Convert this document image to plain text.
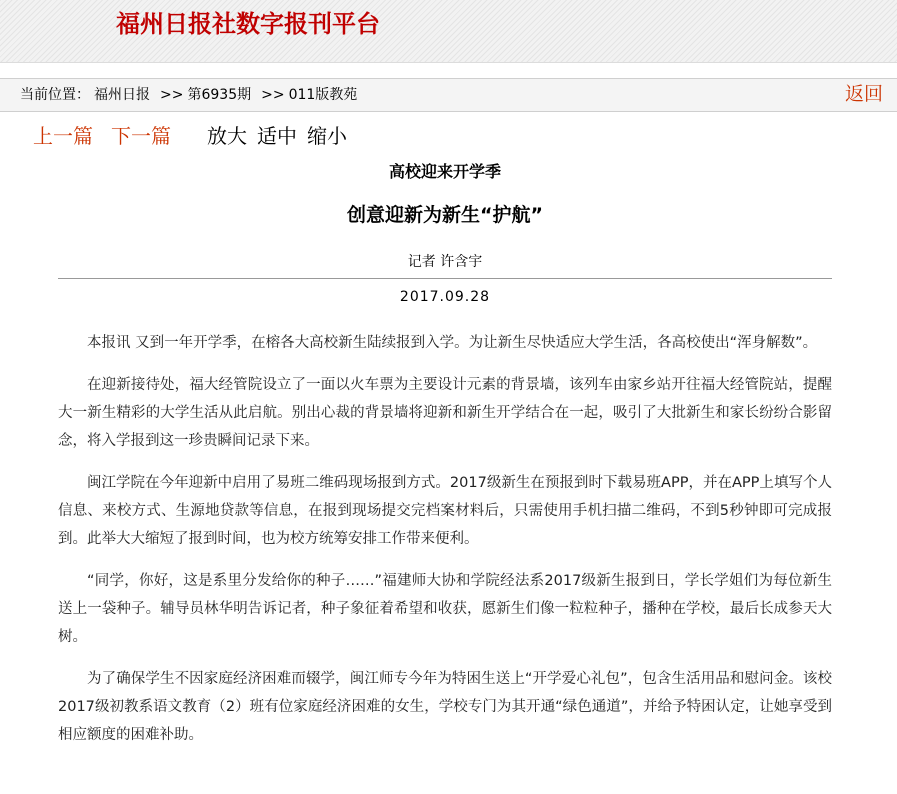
福州日报社数字报刊平台
当前位置： 福州日报 >> 第6935期 >> 011版教苑	返回
上一篇 下一篇 放大 适中 缩小
高校迎来开学季
创意迎新为新生“护航”
记者 许含宇
2017.09.28

本报讯 又到一年开学季，在榕各大高校新生陆续报到入学。为让新生尽快适应大学生活，各高校使出“浑身解数”。

在迎新接待处，福大经管院设立了一面以火车票为主要设计元素的背景墙，该列车由家乡站开往福大经管院站，提醒大一新生精彩的大学生活从此启航。别出心裁的背景墙将迎新和新生开学结合在一起，吸引了大批新生和家长纷纷合影留念，将入学报到这一珍贵瞬间记录下来。

闽江学院在今年迎新中启用了易班二维码现场报到方式。2017级新生在预报到时下载易班APP，并在APP上填写个人信息、来校方式、生源地贷款等信息，在报到现场提交完档案材料后，只需使用手机扫描二维码，不到5秒钟即可完成报到。此举大大缩短了报到时间，也为校方统筹安排工作带来便利。

“同学，你好，这是系里分发给你的种子……”福建师大协和学院经法系2017级新生报到日，学长学姐们为每位新生送上一袋种子。辅导员林华明告诉记者，种子象征着希望和收获，愿新生们像一粒粒种子，播种在学校，最后长成参天大树。

为了确保学生不因家庭经济困难而辍学，闽江师专今年为特困生送上“开学爱心礼包”，包含生活用品和慰问金。该校2017级初教系语文教育（2）班有位家庭经济困难的女生，学校专门为其开通“绿色通道”，并给予特困认定，让她享受到相应额度的困难补助。
